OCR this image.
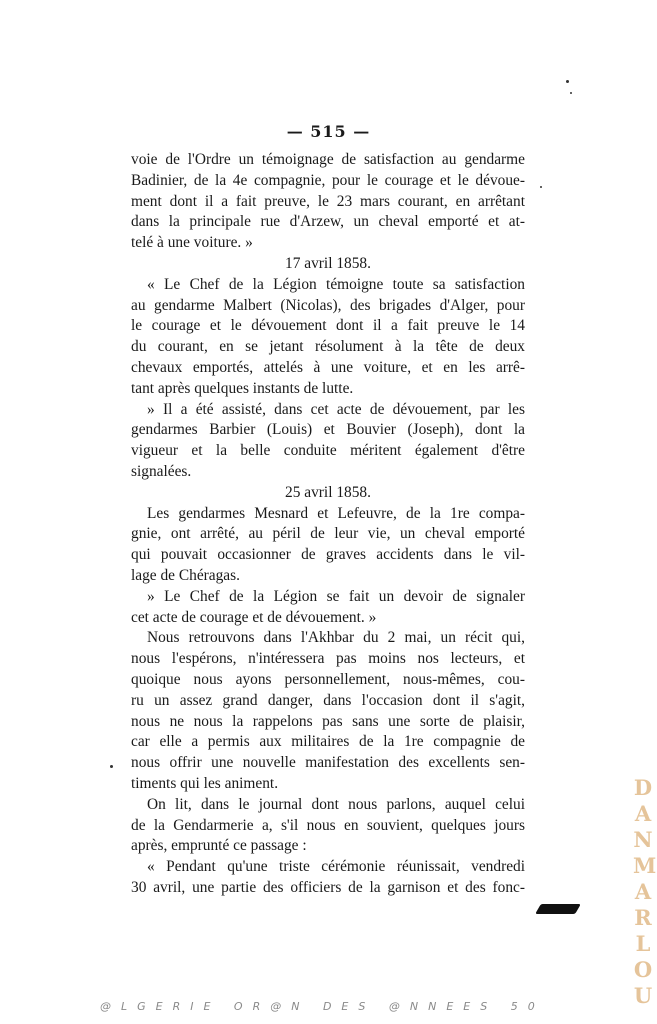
— 515 —
voie de l'Ordre un témoignage de satisfaction au gendarme
Badinier, de la 4e compagnie, pour le courage et le dévoue-
ment dont il a fait preuve, le 23 mars courant, en arrêtant
dans la principale rue d'Arzew, un cheval emporté et at-
telé à une voiture. »
17 avril 1858.
« Le Chef de la Légion témoigne toute sa satisfaction
au gendarme Malbert (Nicolas), des brigades d'Alger, pour
le courage et le dévouement dont il a fait preuve le 14
du courant, en se jetant résolument à la tête de deux
chevaux emportés, attelés à une voiture, et en les arrê-
tant après quelques instants de lutte.
» Il a été assisté, dans cet acte de dévouement, par les
gendarmes Barbier (Louis) et Bouvier (Joseph), dont la
vigueur et la belle conduite méritent également d'être
signalées.
25 avril 1858.
Les gendarmes Mesnard et Lefeuvre, de la 1re compa-
gnie, ont arrêté, au péril de leur vie, un cheval emporté
qui pouvait occasionner de graves accidents dans le vil-
lage de Chéragas.
» Le Chef de la Légion se fait un devoir de signaler
cet acte de courage et de dévouement. »
Nous retrouvons dans l'Akhbar du 2 mai, un récit qui,
nous l'espérons, n'intéressera pas moins nos lecteurs, et
quoique nous ayons personnellement, nous-mêmes, cou-
ru un assez grand danger, dans l'occasion dont il s'agit,
nous ne nous la rappelons pas sans une sorte de plaisir,
car elle a permis aux militaires de la 1re compagnie de
nous offrir une nouvelle manifestation des excellents sen-
timents qui les animent.
On lit, dans le journal dont nous parlons, auquel celui
de la Gendarmerie a, s'il nous en souvient, quelques jours
après, emprunté ce passage :
« Pendant qu'une triste cérémonie réunissait, vendredi
30 avril, une partie des officiers de la garnison et des fonc-
D
A
N
M
A
R
L
O
U
@LGERIE OR@N DES @NNEES 50
